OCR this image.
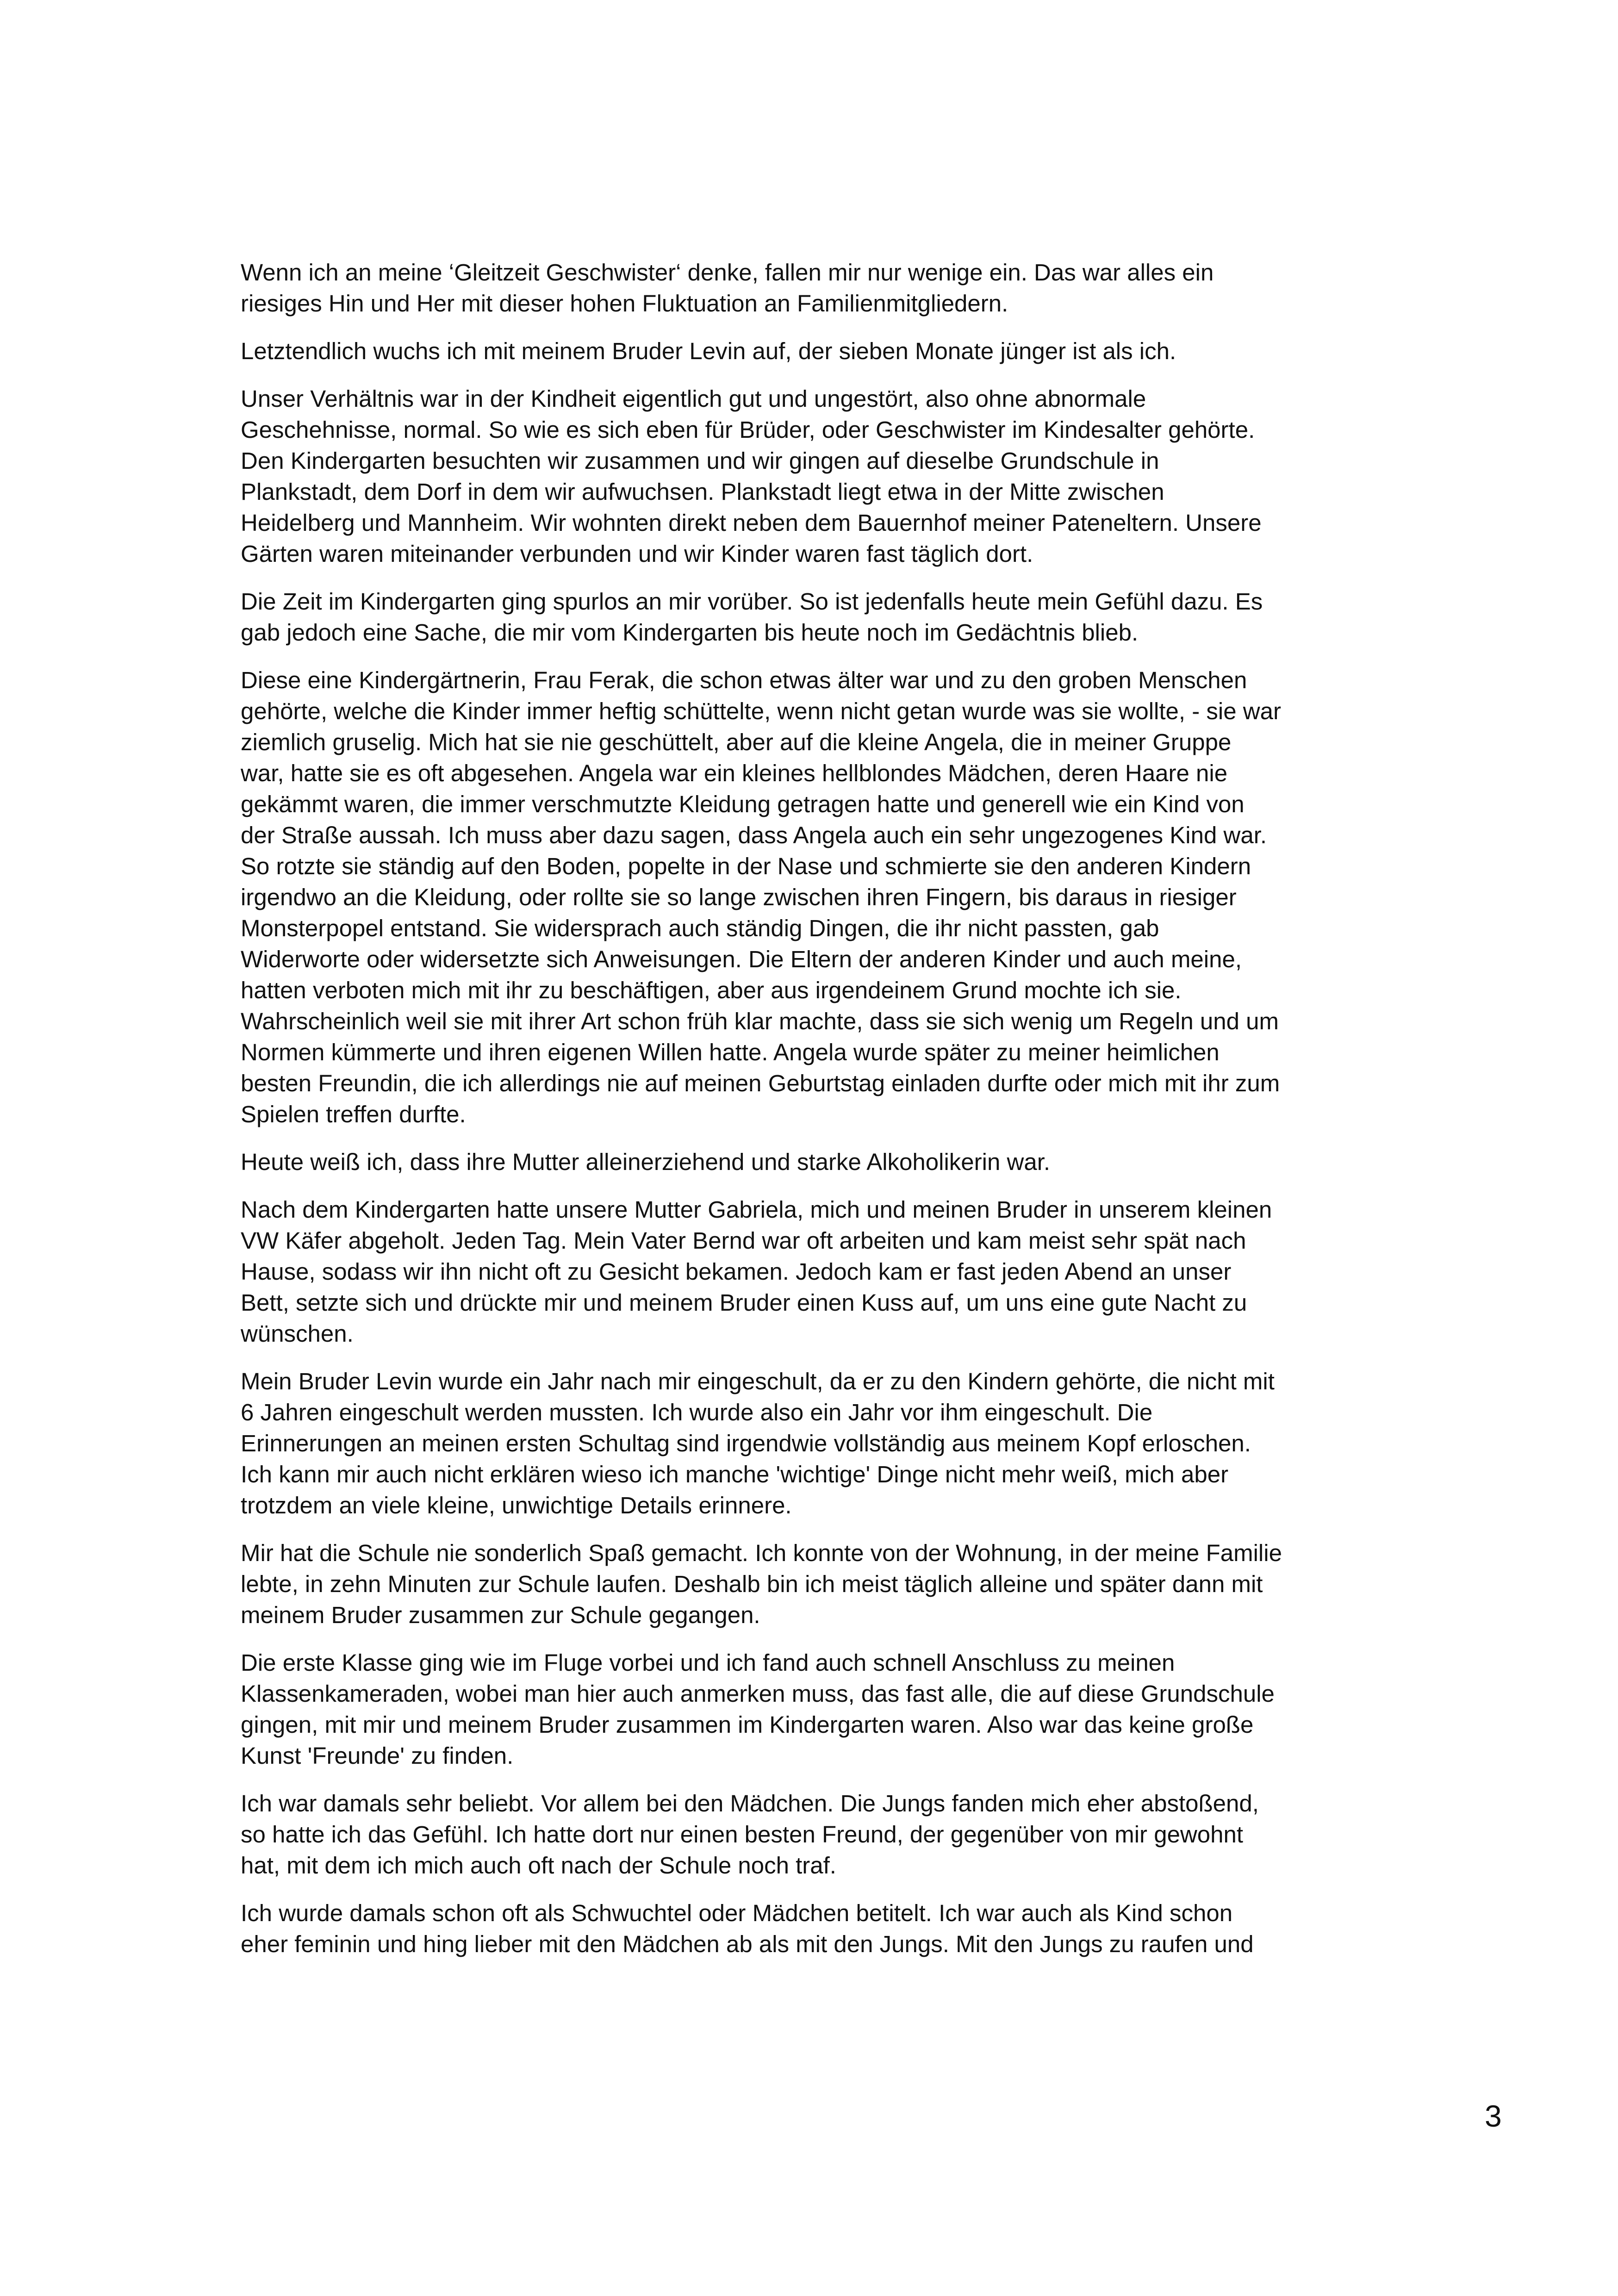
Wenn ich an meine ‘Gleitzeit Geschwister‘ denke, fallen mir nur wenige ein. Das war alles ein
riesiges Hin und Her mit dieser hohen Fluktuation an Familienmitgliedern.

Letztendlich wuchs ich mit meinem Bruder Levin auf, der sieben Monate jünger ist als ich.

Unser Verhältnis war in der Kindheit eigentlich gut und ungestört, also ohne abnormale
Geschehnisse, normal. So wie es sich eben für Brüder, oder Geschwister im Kindesalter gehörte.
Den Kindergarten besuchten wir zusammen und wir gingen auf dieselbe Grundschule in
Plankstadt, dem Dorf in dem wir aufwuchsen. Plankstadt liegt etwa in der Mitte zwischen
Heidelberg und Mannheim. Wir wohnten direkt neben dem Bauernhof meiner Pateneltern. Unsere
Gärten waren miteinander verbunden und wir Kinder waren fast täglich dort.

Die Zeit im Kindergarten ging spurlos an mir vorüber. So ist jedenfalls heute mein Gefühl dazu. Es
gab jedoch eine Sache, die mir vom Kindergarten bis heute noch im Gedächtnis blieb.

Diese eine Kindergärtnerin, Frau Ferak, die schon etwas älter war und zu den groben Menschen
gehörte, welche die Kinder immer heftig schüttelte, wenn nicht getan wurde was sie wollte, - sie war
ziemlich gruselig. Mich hat sie nie geschüttelt, aber auf die kleine Angela, die in meiner Gruppe
war, hatte sie es oft abgesehen. Angela war ein kleines hellblondes Mädchen, deren Haare nie
gekämmt waren, die immer verschmutzte Kleidung getragen hatte und generell wie ein Kind von
der Straße aussah. Ich muss aber dazu sagen, dass Angela auch ein sehr ungezogenes Kind war.
So rotzte sie ständig auf den Boden, popelte in der Nase und schmierte sie den anderen Kindern
irgendwo an die Kleidung, oder rollte sie so lange zwischen ihren Fingern, bis daraus in riesiger
Monsterpopel entstand. Sie widersprach auch ständig Dingen, die ihr nicht passten, gab
Widerworte oder widersetzte sich Anweisungen. Die Eltern der anderen Kinder und auch meine,
hatten verboten mich mit ihr zu beschäftigen, aber aus irgendeinem Grund mochte ich sie.
Wahrscheinlich weil sie mit ihrer Art schon früh klar machte, dass sie sich wenig um Regeln und um
Normen kümmerte und ihren eigenen Willen hatte. Angela wurde später zu meiner heimlichen
besten Freundin, die ich allerdings nie auf meinen Geburtstag einladen durfte oder mich mit ihr zum
Spielen treffen durfte.

Heute weiß ich, dass ihre Mutter alleinerziehend und starke Alkoholikerin war.

Nach dem Kindergarten hatte unsere Mutter Gabriela, mich und meinen Bruder in unserem kleinen
VW Käfer abgeholt. Jeden Tag. Mein Vater Bernd war oft arbeiten und kam meist sehr spät nach
Hause, sodass wir ihn nicht oft zu Gesicht bekamen. Jedoch kam er fast jeden Abend an unser
Bett, setzte sich und drückte mir und meinem Bruder einen Kuss auf, um uns eine gute Nacht zu
wünschen.

Mein Bruder Levin wurde ein Jahr nach mir eingeschult, da er zu den Kindern gehörte, die nicht mit
6 Jahren eingeschult werden mussten. Ich wurde also ein Jahr vor ihm eingeschult. Die
Erinnerungen an meinen ersten Schultag sind irgendwie vollständig aus meinem Kopf erloschen.
Ich kann mir auch nicht erklären wieso ich manche 'wichtige' Dinge nicht mehr weiß, mich aber
trotzdem an viele kleine, unwichtige Details erinnere.

Mir hat die Schule nie sonderlich Spaß gemacht. Ich konnte von der Wohnung, in der meine Familie
lebte, in zehn Minuten zur Schule laufen. Deshalb bin ich meist täglich alleine und später dann mit
meinem Bruder zusammen zur Schule gegangen.

Die erste Klasse ging wie im Fluge vorbei und ich fand auch schnell Anschluss zu meinen
Klassenkameraden, wobei man hier auch anmerken muss, das fast alle, die auf diese Grundschule
gingen, mit mir und meinem Bruder zusammen im Kindergarten waren. Also war das keine große
Kunst 'Freunde' zu finden.

Ich war damals sehr beliebt. Vor allem bei den Mädchen. Die Jungs fanden mich eher abstoßend,
so hatte ich das Gefühl. Ich hatte dort nur einen besten Freund, der gegenüber von mir gewohnt
hat, mit dem ich mich auch oft nach der Schule noch traf.

Ich wurde damals schon oft als Schwuchtel oder Mädchen betitelt. Ich war auch als Kind schon
eher feminin und hing lieber mit den Mädchen ab als mit den Jungs. Mit den Jungs zu raufen und

3
